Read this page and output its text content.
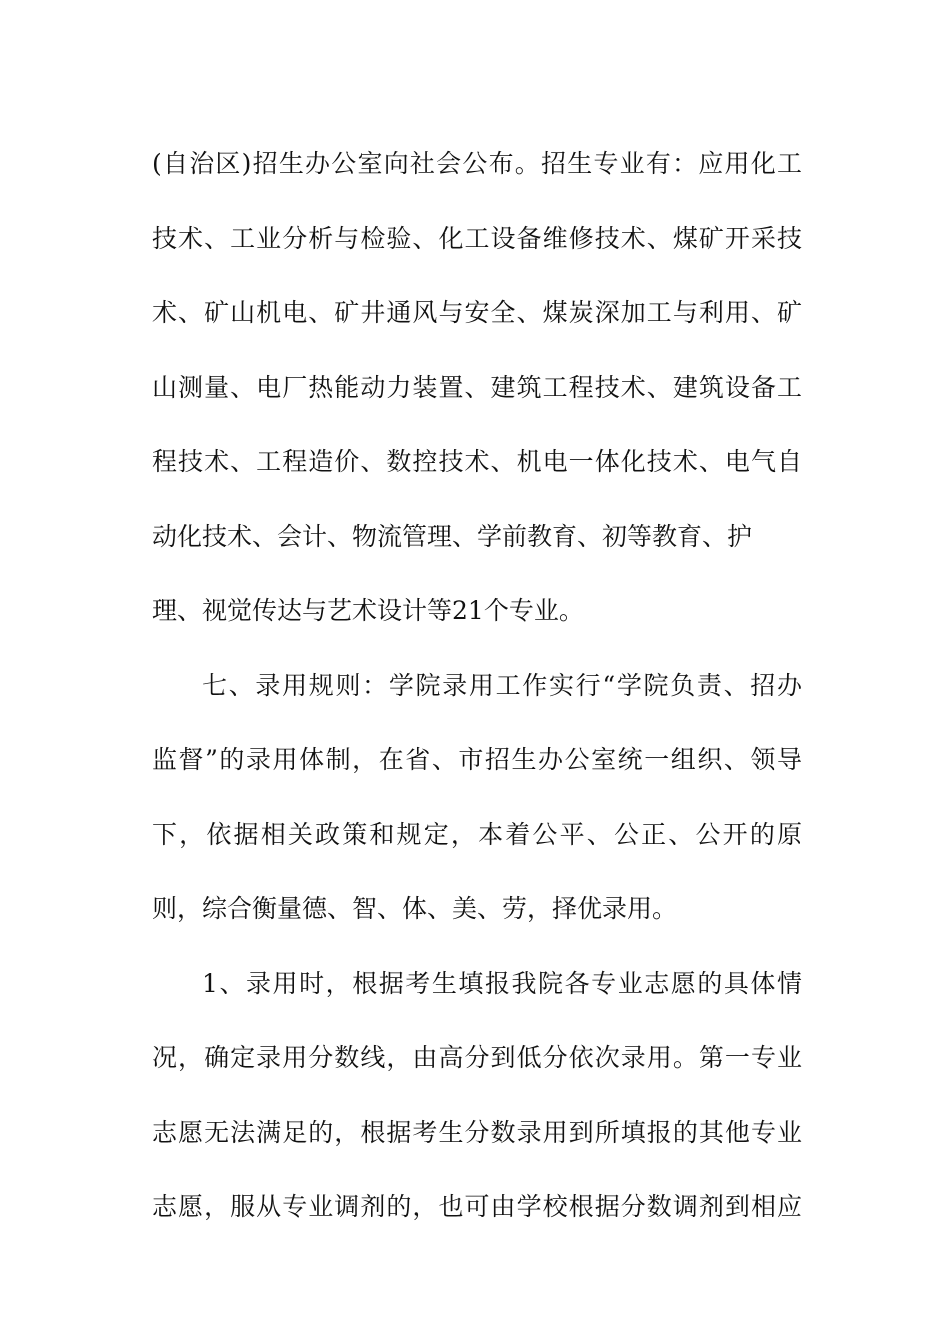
(自治区)招生办公室向社会公布。招生专业有：应用化工
技术、工业分析与检验、化工设备维修技术、煤矿开采技
术、矿山机电、矿井通风与安全、煤炭深加工与利用、矿
山测量、电厂热能动力装置、建筑工程技术、建筑设备工
程技术、工程造价、数控技术、机电一体化技术、电气自
动化技术、会计、物流管理、学前教育、初等教育、护
理、视觉传达与艺术设计等21个专业。
七、录用规则：学院录用工作实行“学院负责、招办
监督”的录用体制，在省、市招生办公室统一组织、领导
下，依据相关政策和规定，本着公平、公正、公开的原
则，综合衡量德、智、体、美、劳，择优录用。
1、录用时，根据考生填报我院各专业志愿的具体情
况，确定录用分数线，由高分到低分依次录用。第一专业
志愿无法满足的，根据考生分数录用到所填报的其他专业
志愿，服从专业调剂的，也可由学校根据分数调剂到相应
